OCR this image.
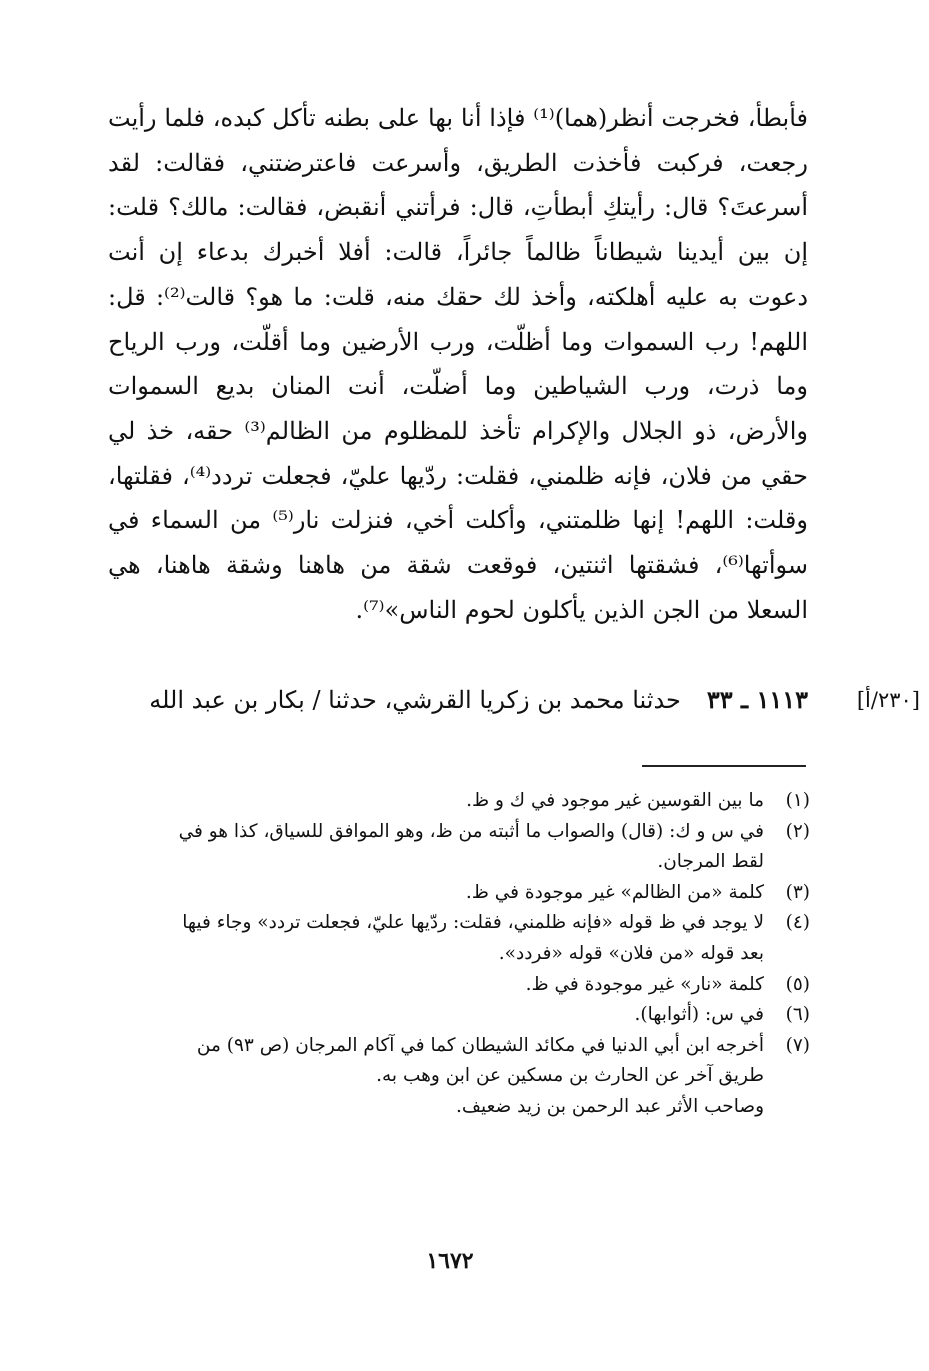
فأبطأ، فخرجت أنظر(هما)⁽¹⁾ فإذا أنا بها على بطنه تأكل كبده، فلما رأيت رجعت، فركبت فأخذت الطريق، وأسرعت فاعترضتني، فقالت: لقد أسرعتَ؟ قال: رأيتكِ أبطأتِ، قال: فرأتني أنقبض، فقالت: مالك؟ قلت: إن بين أيدينا شيطاناً ظالماً جائراً، قالت: أفلا أخبرك بدعاء إن أنت دعوت به عليه أهلكته، وأخذ لك حقك منه، قلت: ما هو؟ قالت⁽²⁾: قل: اللهم! رب السموات وما أظلّت، ورب الأرضين وما أقلّت، ورب الرياح وما ذرت، ورب الشياطين وما أضلّت، أنت المنان بديع السموات والأرض، ذو الجلال والإكرام تأخذ للمظلوم من الظالم⁽³⁾ حقه، خذ لي حقي من فلان، فإنه ظلمني، فقلت: ردّيها عليّ، فجعلت تردد⁽⁴⁾، فقلتها، وقلت: اللهم! إنها ظلمتني، وأكلت أخي، فنزلت نار⁽⁵⁾ من السماء في سوأتها⁽⁶⁾، فشقتها اثنتين، فوقعت شقة من هاهنا وشقة هاهنا، هي السعلا من الجن الذين يأكلون لحوم الناس»⁽⁷⁾.
[٢٣٠/أ]
١١١٣ ـ ٣٣حدثنا محمد بن زكريا القرشي، حدثنا / بكار بن عبد الله
(١)
ما بين القوسين غير موجود في ك و ظ.
(٢)
في س و ك: (قال) والصواب ما أثبته من ظ، وهو الموافق للسياق، كذا هو في
لقط المرجان.
(٣)
كلمة «من الظالم» غير موجودة في ظ.
(٤)
لا يوجد في ظ قوله «فإنه ظلمني، فقلت: ردّيها عليّ، فجعلت تردد» وجاء فيها
بعد قوله «من فلان» قوله «فردد».
(٥)
كلمة «نار» غير موجودة في ظ.
(٦)
في س: (أثوابها).
(٧)
أخرجه ابن أبي الدنيا في مكائد الشيطان كما في آكام المرجان (ص ٩٣) من
طريق آخر عن الحارث بن مسكين عن ابن وهب به.
وصاحب الأثر عبد الرحمن بن زيد ضعيف.
١٦٧٢
